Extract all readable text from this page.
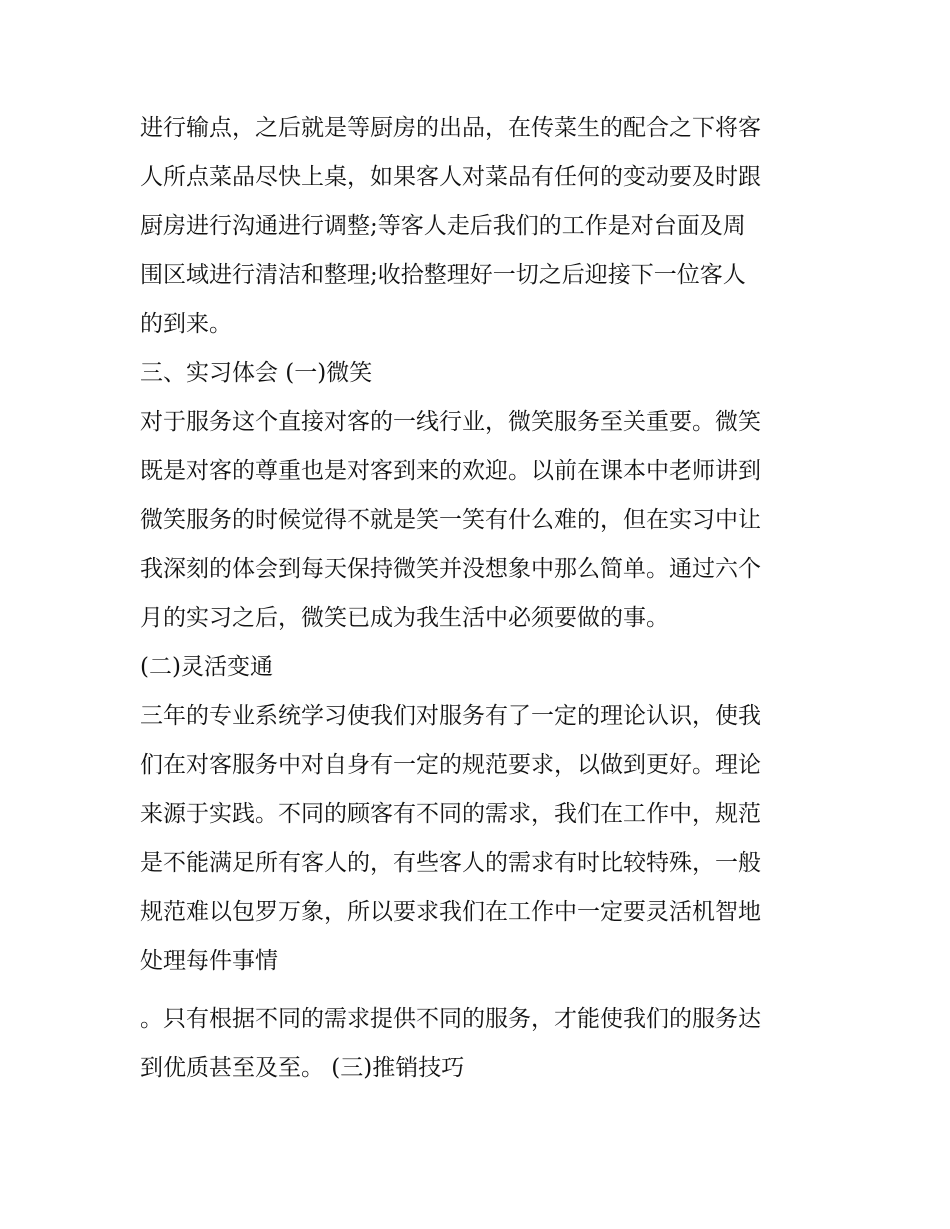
进行输点，之后就是等厨房的出品，在传菜生的配合之下将客

人所点菜品尽快上桌，如果客人对菜品有任何的变动要及时跟

厨房进行沟通进行调整;等客人走后我们的工作是对台面及周

围区域进行清洁和整理;收拾整理好一切之后迎接下一位客人

的到来。

三、实习体会 (一)微笑

对于服务这个直接对客的一线行业，微笑服务至关重要。微笑

既是对客的尊重也是对客到来的欢迎。以前在课本中老师讲到

微笑服务的时候觉得不就是笑一笑有什么难的，但在实习中让

我深刻的体会到每天保持微笑并没想象中那么简单。通过六个

月的实习之后，微笑已成为我生活中必须要做的事。

(二)灵活变通

三年的专业系统学习使我们对服务有了一定的理论认识，使我

们在对客服务中对自身有一定的规范要求，以做到更好。理论

来源于实践。不同的顾客有不同的需求，我们在工作中，规范

是不能满足所有客人的，有些客人的需求有时比较特殊，一般

规范难以包罗万象，所以要求我们在工作中一定要灵活机智地

处理每件事情

。只有根据不同的需求提供不同的服务，才能使我们的服务达

到优质甚至及至。 (三)推销技巧
